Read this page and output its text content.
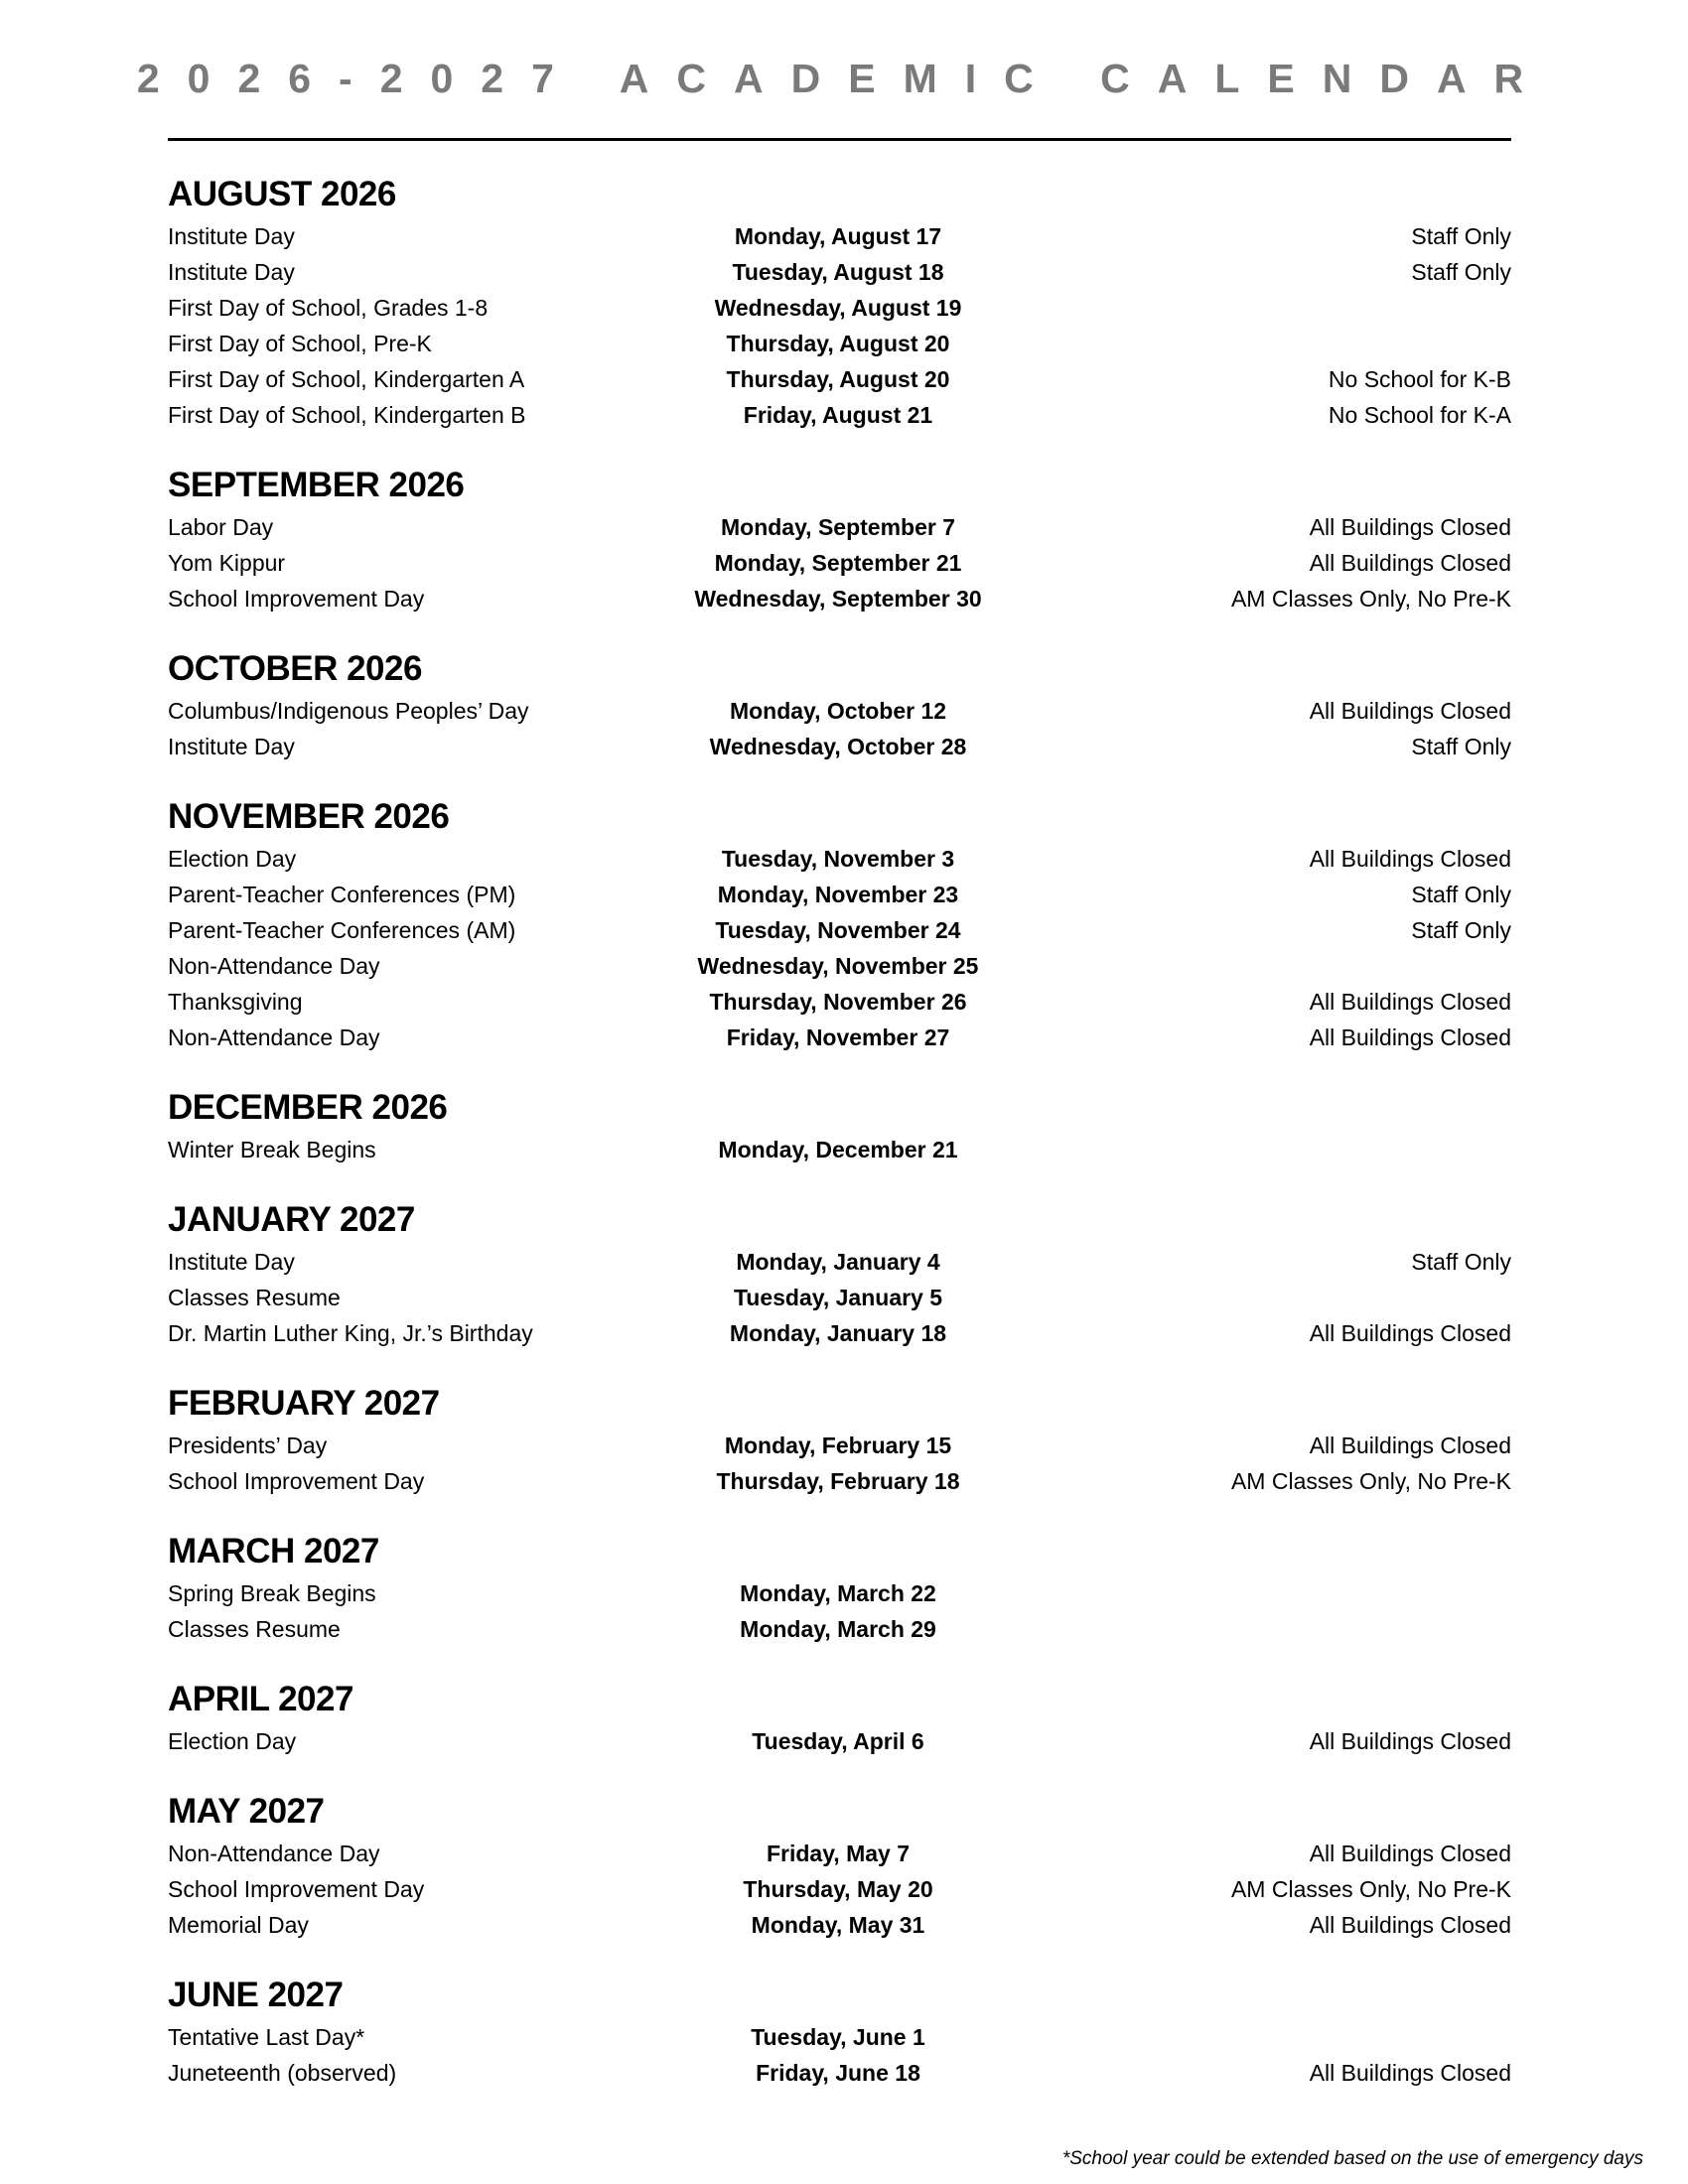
2026-2027 ACADEMIC CALENDAR
AUGUST 2026
Institute Day	Monday, August 17	Staff Only
Institute Day	Tuesday, August 18	Staff Only
First Day of School, Grades 1-8	Wednesday, August 19
First Day of School, Pre-K	Thursday, August 20
First Day of School, Kindergarten A	Thursday, August 20	No School for K-B
First Day of School, Kindergarten B	Friday, August 21	No School for K-A
SEPTEMBER 2026
Labor Day	Monday, September 7	All Buildings Closed
Yom Kippur	Monday, September 21	All Buildings Closed
School Improvement Day	Wednesday, September 30	AM Classes Only, No Pre-K
OCTOBER 2026
Columbus/Indigenous Peoples’ Day	Monday, October 12	All Buildings Closed
Institute Day	Wednesday, October 28	Staff Only
NOVEMBER 2026
Election Day	Tuesday, November 3	All Buildings Closed
Parent-Teacher Conferences (PM)	Monday, November 23	Staff Only
Parent-Teacher Conferences (AM)	Tuesday, November 24	Staff Only
Non-Attendance Day	Wednesday, November 25
Thanksgiving	Thursday, November 26	All Buildings Closed
Non-Attendance Day	Friday, November 27	All Buildings Closed
DECEMBER 2026
Winter Break Begins	Monday, December 21
JANUARY 2027
Institute Day	Monday, January 4	Staff Only
Classes Resume	Tuesday, January 5
Dr. Martin Luther King, Jr.’s Birthday	Monday, January 18	All Buildings Closed
FEBRUARY 2027
Presidents’ Day	Monday, February 15	All Buildings Closed
School Improvement Day	Thursday, February 18	AM Classes Only, No Pre-K
MARCH 2027
Spring Break Begins	Monday, March 22
Classes Resume	Monday, March 29
APRIL 2027
Election Day	Tuesday, April 6	All Buildings Closed
MAY 2027
Non-Attendance Day	Friday, May 7	All Buildings Closed
School Improvement Day	Thursday, May 20	AM Classes Only, No Pre-K
Memorial Day	Monday, May 31	All Buildings Closed
JUNE 2027
Tentative Last Day*	Tuesday, June 1
Juneteenth (observed)	Friday, June 18	All Buildings Closed
*School year could be extended based on the use of emergency days
